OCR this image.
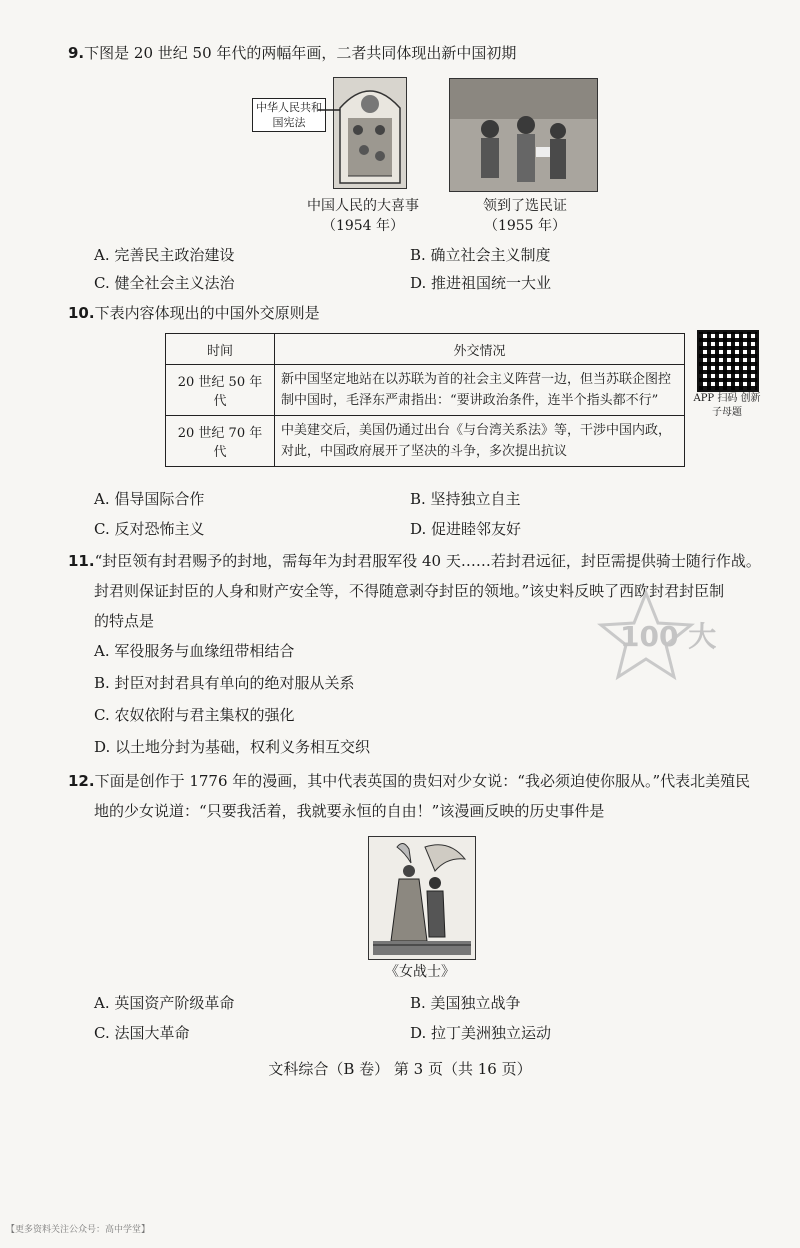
9.下图是 20 世纪 50 年代的两幅年画，二者共同体现出新中国初期
中华人民共和国宪法
中国人民的大喜事
（1954 年）
领到了选民证
（1955 年）
A. 完善民主政治建设	B. 确立社会主义制度
C. 健全社会主义法治	D. 推进祖国统一大业
10.下表内容体现出的中国外交原则是
时间	外交情况
20 世纪 50 年代	新中国坚定地站在以苏联为首的社会主义阵营一边，但当苏联企图控制中国时，毛泽东严肃指出：“要讲政治条件，连半个指头都不行”
20 世纪 70 年代	中美建交后，美国仍通过出台《与台湾关系法》等，干涉中国内政，对此，中国政府展开了坚决的斗争，多次提出抗议
APP 扫码 创新子母题
A. 倡导国际合作	B. 坚持独立自主
C. 反对恐怖主义	D. 促进睦邻友好
11.“封臣领有封君赐予的封地，需每年为封君服军役 40 天……若封君远征，封臣需提供骑士随行作战。
封君则保证封臣的人身和财产安全等，不得随意剥夺封臣的领地。”该史料反映了西欧封君封臣制
的特点是	100 大
A. 军役服务与血缘纽带相结合
B. 封臣对封君具有单向的绝对服从关系
C. 农奴依附与君主集权的强化
D. 以土地分封为基础，权利义务相互交织
12.下面是创作于 1776 年的漫画，其中代表英国的贵妇对少女说：“我必须迫使你服从。”代表北美殖民
地的少女说道：“只要我活着，我就要永恒的自由！”该漫画反映的历史事件是
《女战士》
A. 英国资产阶级革命	B. 美国独立战争
C. 法国大革命	D. 拉丁美洲独立运动
文科综合（B 卷） 第 3 页（共 16 页）
【更多资料关注公众号：高中学堂】
